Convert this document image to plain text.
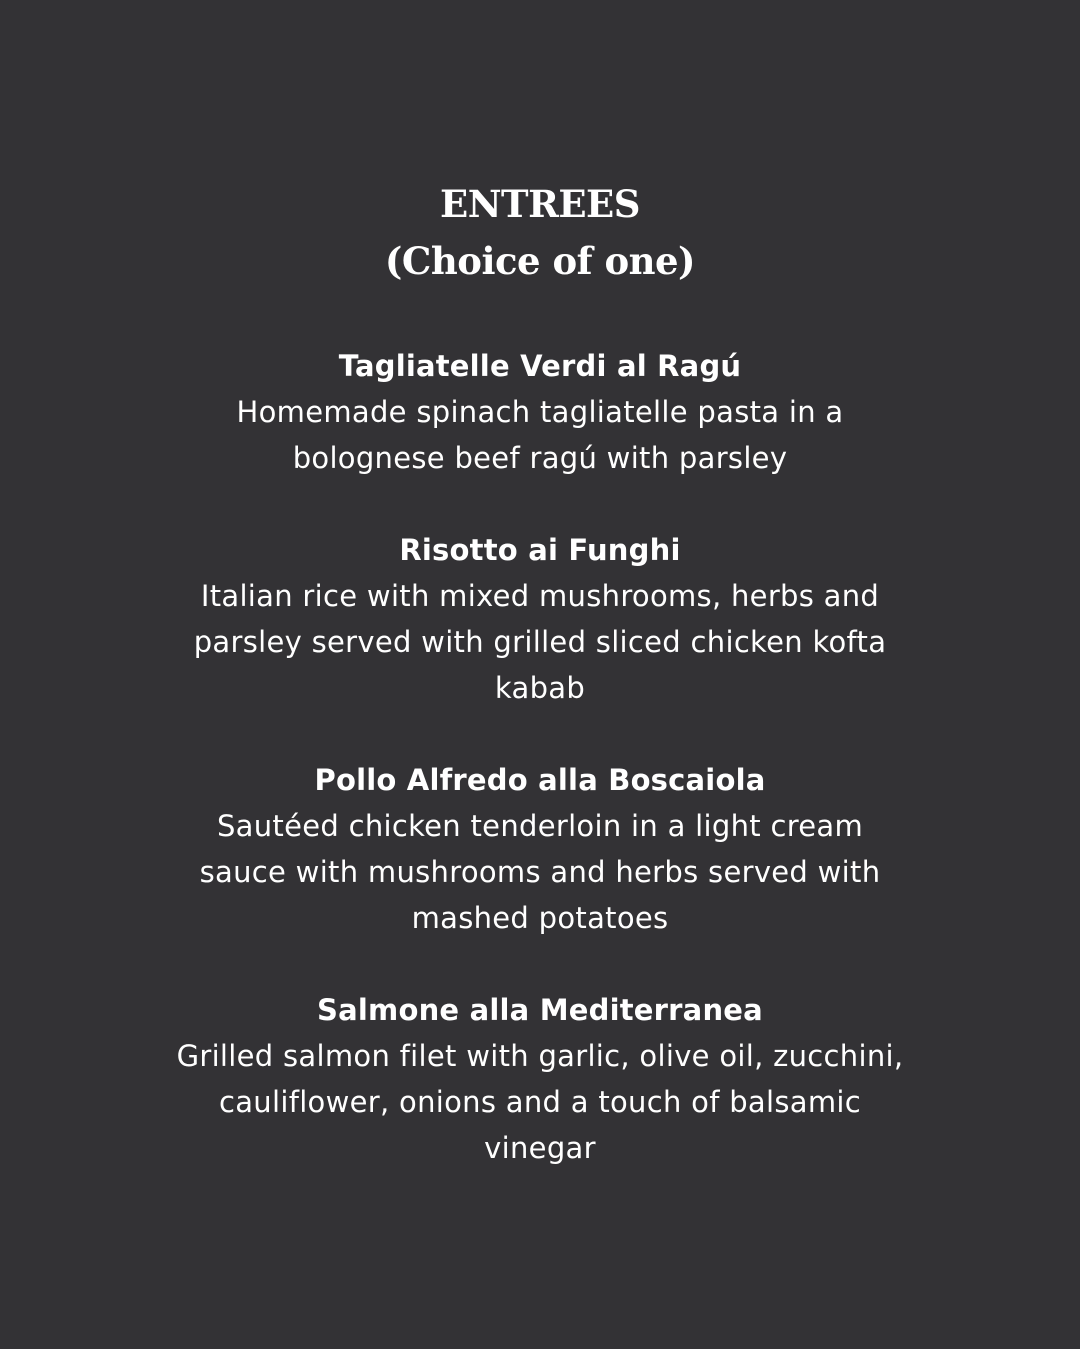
ENTREES
(Choice of one)
Tagliatelle Verdi al Ragú
Homemade spinach tagliatelle pasta in a
bolognese beef ragú with parsley
Risotto ai Funghi
Italian rice with mixed mushrooms, herbs and
parsley served with grilled sliced chicken kofta
kabab
Pollo Alfredo alla Boscaiola
Sautéed chicken tenderloin in a light cream
sauce with mushrooms and herbs served with
mashed potatoes
Salmone alla Mediterranea
Grilled salmon filet with garlic, olive oil, zucchini,
cauliflower, onions and a touch of balsamic
vinegar
